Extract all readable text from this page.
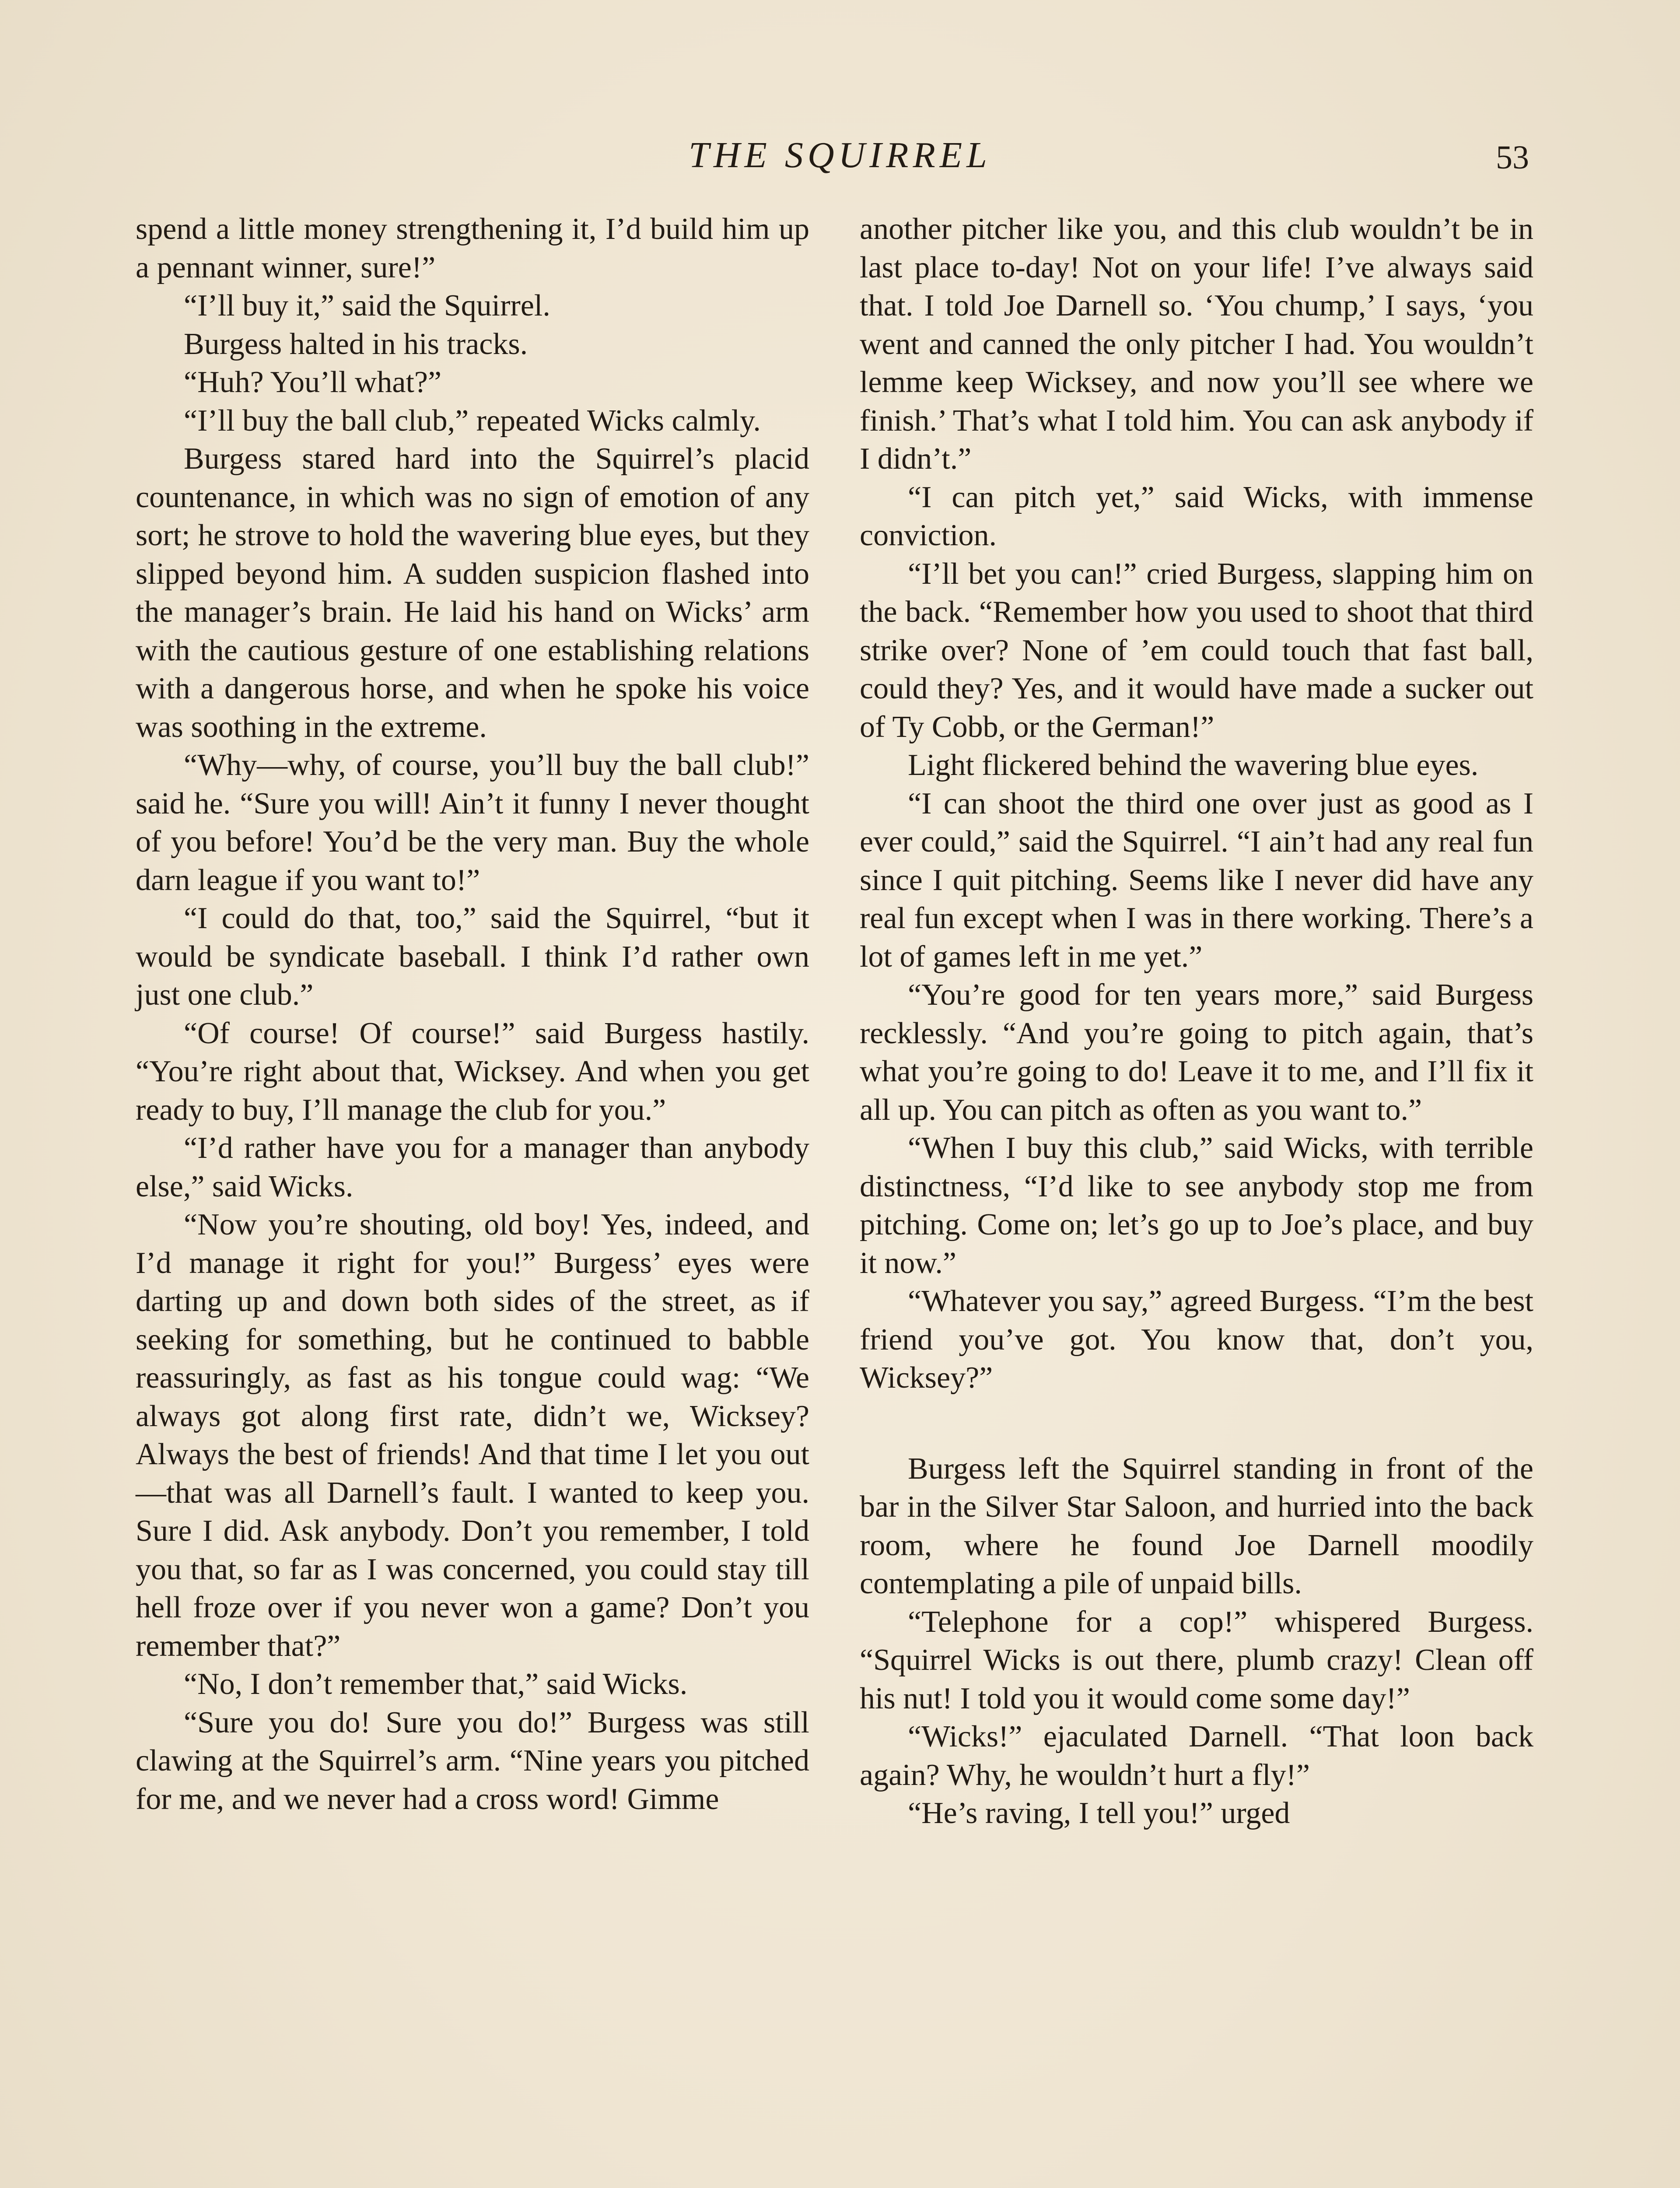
THE SQUIRREL	53

spend a little money strengthening it, I’d build him up a pennant winner, sure!”

“I’ll buy it,” said the Squirrel.

Burgess halted in his tracks.

“Huh? You’ll what?”

“I’ll buy the ball club,” repeated Wicks calmly.

Burgess stared hard into the Squirrel’s placid countenance, in which was no sign of emotion of any sort; he strove to hold the wavering blue eyes, but they slipped beyond him. A sudden suspicion flashed into the manager’s brain. He laid his hand on Wicks’ arm with the cautious gesture of one establishing relations with a dangerous horse, and when he spoke his voice was soothing in the extreme.

“Why—why, of course, you’ll buy the ball club!” said he. “Sure you will! Ain’t it funny I never thought of you before! You’d be the very man. Buy the whole darn league if you want to!”

“I could do that, too,” said the Squirrel, “but it would be syndicate baseball. I think I’d rather own just one club.”

“Of course! Of course!” said Burgess hastily. “You’re right about that, Wicksey. And when you get ready to buy, I’ll manage the club for you.”

“I’d rather have you for a manager than anybody else,” said Wicks.

“Now you’re shouting, old boy! Yes, indeed, and I’d manage it right for you!” Burgess’ eyes were darting up and down both sides of the street, as if seeking for something, but he continued to babble reassuringly, as fast as his tongue could wag: “We always got along first rate, didn’t we, Wicksey? Always the best of friends! And that time I let you out—that was all Darnell’s fault. I wanted to keep you. Sure I did. Ask anybody. Don’t you remember, I told you that, so far as I was concerned, you could stay till hell froze over if you never won a game? Don’t you remember that?”

“No, I don’t remember that,” said Wicks.

“Sure you do! Sure you do!” Burgess was still clawing at the Squirrel’s arm. “Nine years you pitched for me, and we never had a cross word! Gimme

another pitcher like you, and this club wouldn’t be in last place to-day! Not on your life! I’ve always said that. I told Joe Darnell so. ‘You chump,’ I says, ‘you went and canned the only pitcher I had. You wouldn’t lemme keep Wicksey, and now you’ll see where we finish.’ That’s what I told him. You can ask anybody if I didn’t.”

“I can pitch yet,” said Wicks, with immense conviction.

“I’ll bet you can!” cried Burgess, slapping him on the back. “Remember how you used to shoot that third strike over? None of ’em could touch that fast ball, could they? Yes, and it would have made a sucker out of Ty Cobb, or the German!”

Light flickered behind the wavering blue eyes.

“I can shoot the third one over just as good as I ever could,” said the Squirrel. “I ain’t had any real fun since I quit pitching. Seems like I never did have any real fun except when I was in there working. There’s a lot of games left in me yet.”

“You’re good for ten years more,” said Burgess recklessly. “And you’re going to pitch again, that’s what you’re going to do! Leave it to me, and I’ll fix it all up. You can pitch as often as you want to.”

“When I buy this club,” said Wicks, with terrible distinctness, “I’d like to see anybody stop me from pitching. Come on; let’s go up to Joe’s place, and buy it now.”

“Whatever you say,” agreed Burgess. “I’m the best friend you’ve got. You know that, don’t you, Wicksey?”

Burgess left the Squirrel standing in front of the bar in the Silver Star Saloon, and hurried into the back room, where he found Joe Darnell moodily contemplating a pile of unpaid bills.

“Telephone for a cop!” whispered Burgess. “Squirrel Wicks is out there, plumb crazy! Clean off his nut! I told you it would come some day!”

“Wicks!” ejaculated Darnell. “That loon back again? Why, he wouldn’t hurt a fly!”

“He’s raving, I tell you!” urged
